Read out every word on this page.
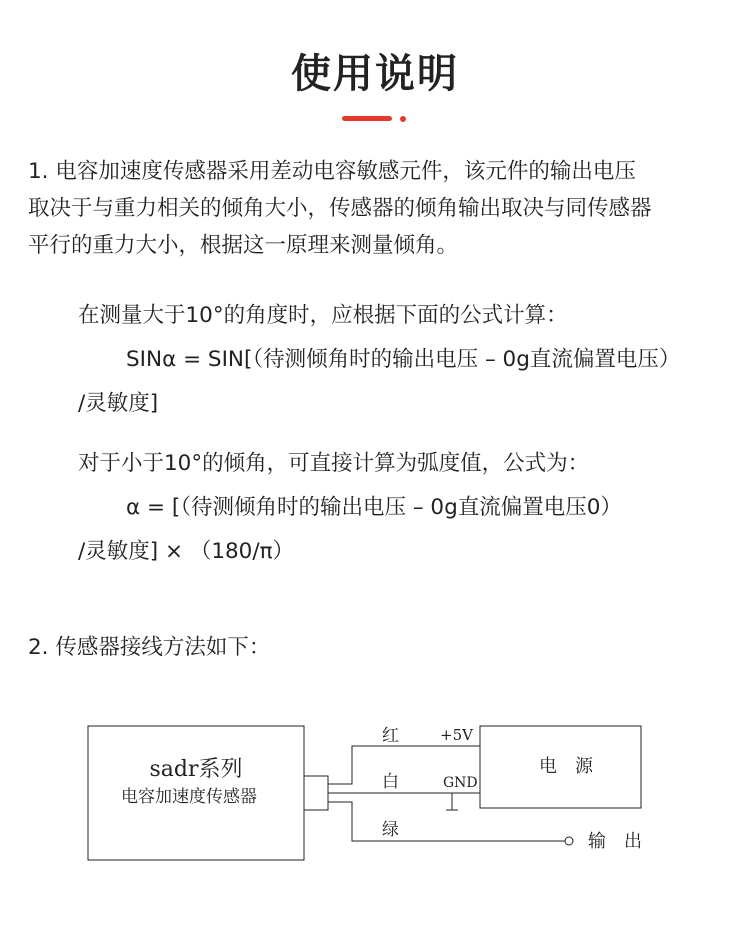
使用说明
1. 电容加速度传感器采用差动电容敏感元件，该元件的输出电压
取决于与重力相关的倾角大小，传感器的倾角输出取决与同传感器
平行的重力大小，根据这一原理来测量倾角。
在测量大于10°的角度时，应根据下面的公式计算：
SINα = SIN[（待测倾角时的输出电压 – 0g直流偏置电压）
/灵敏度]
对于小于10°的倾角，可直接计算为弧度值，公式为：
α = [（待测倾角时的输出电压 – 0g直流偏置电压0）
/灵敏度] × （180/π）
2. 传感器接线方法如下：
sadr系列
电容加速度传感器
电　源
红	+5V
白	GND
绿
输　出
